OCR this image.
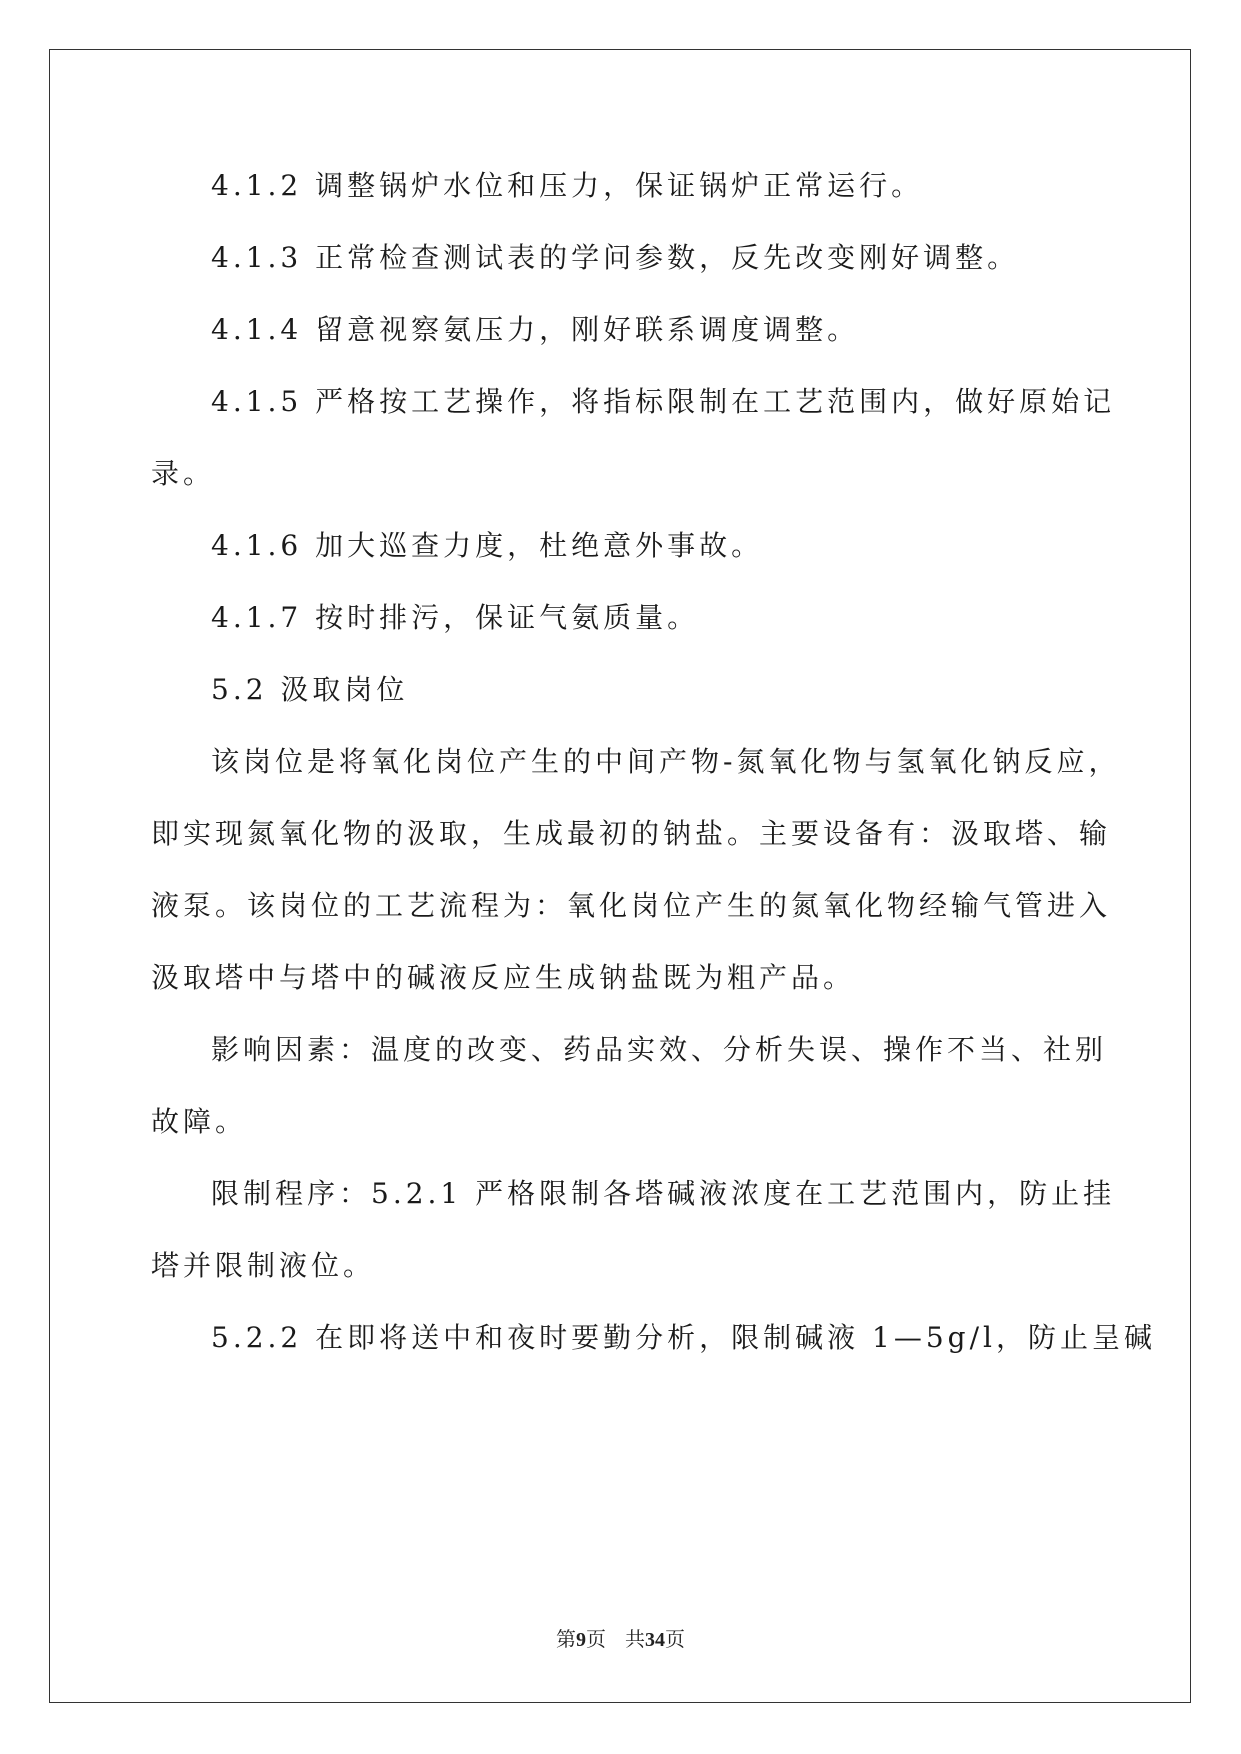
4.1.2 调整锅炉水位和压力，保证锅炉正常运行。

4.1.3 正常检查测试表的学问参数，反先改变刚好调整。

4.1.4 留意视察氨压力，刚好联系调度调整。

4.1.5 严格按工艺操作，将指标限制在工艺范围内，做好原始记
录。

4.1.6 加大巡查力度，杜绝意外事故。

4.1.7 按时排污，保证气氨质量。

5.2 汲取岗位

该岗位是将氧化岗位产生的中间产物-氮氧化物与氢氧化钠反应，
即实现氮氧化物的汲取，生成最初的钠盐。主要设备有：汲取塔、输
液泵。该岗位的工艺流程为：氧化岗位产生的氮氧化物经输气管进入
汲取塔中与塔中的碱液反应生成钠盐既为粗产品。

影响因素：温度的改变、药品实效、分析失误、操作不当、社别
故障。

限制程序：5.2.1 严格限制各塔碱液浓度在工艺范围内，防止挂
塔并限制液位。

5.2.2 在即将送中和夜时要勤分析，限制碱液 1—5g/l，防止呈碱

第9页 共34页
